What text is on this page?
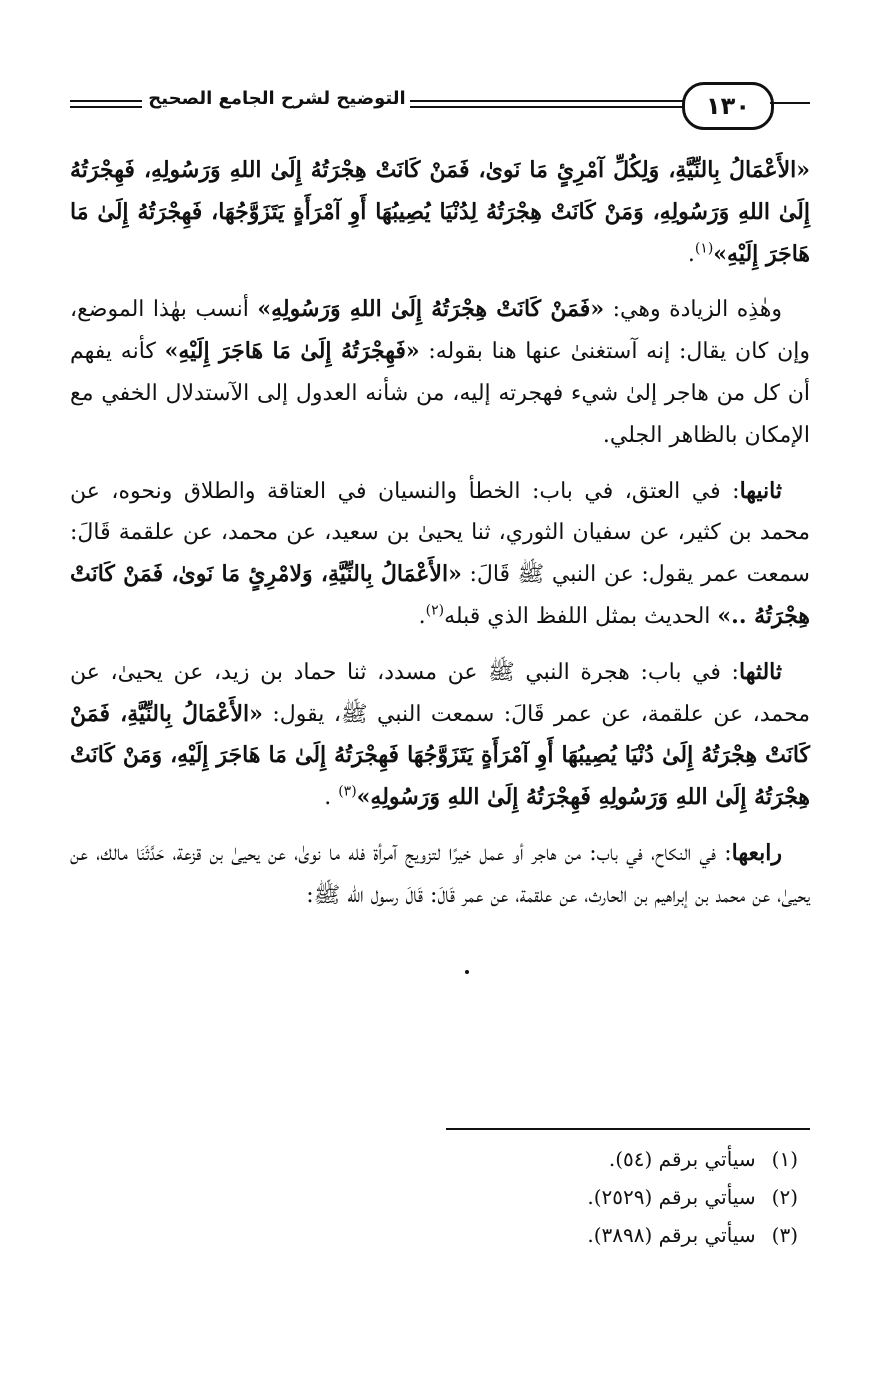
التوضيح لشرح الجامع الصحيح	١٣٠

«الأَعْمَالُ بِالنِّيَّةِ، وَلِكُلِّ آمْرِئٍ مَا نَوىٰ، فَمَنْ كَانَتْ هِجْرَتُهُ إِلَىٰ اللهِ وَرَسُولِهِ، فَهِجْرَتُهُ إِلَىٰ اللهِ وَرَسُولِهِ، وَمَنْ كَانَتْ هِجْرَتُهُ لِدُنْيَا يُصِيبُهَا أَوِ آمْرَأَةٍ يَتَزَوَّجُهَا، فَهِجْرَتُهُ إِلَىٰ مَا هَاجَرَ إِلَيْهِ»$^{(١)}$.

وهٰذِه الزيادة وهي: «فَمَنْ كَانَتْ هِجْرَتُهُ إِلَىٰ اللهِ وَرَسُولِهِ» أنسب بهٰذا الموضع، وإن كان يقال: إنه آستغنىٰ عنها هنا بقوله: «فَهِجْرَتُهُ إِلَىٰ مَا هَاجَرَ إِلَيْهِ» كأنه يفهم أن كل من هاجر إلىٰ شيء فهجرته إليه، من شأنه العدول إلى الآستدلال الخفي مع الإمكان بالظاهر الجلي.

ثانيها: في العتق، في باب: الخطأ والنسيان في العتاقة والطلاق ونحوه، عن محمد بن كثير، عن سفيان الثوري، ثنا يحيىٰ بن سعيد، عن محمد، عن علقمة قَالَ: سمعت عمر يقول: عن النبي ﷺ قَالَ: «الأَعْمَالُ بِالنِّيَّةِ، وَلامْرِئٍ مَا نَوىٰ، فَمَنْ كَانَتْ هِجْرَتُهُ ..» الحديث بمثل اللفظ الذي قبله$^{(٢)}$.

ثالثها: في باب: هجرة النبي ﷺ عن مسدد، ثنا حماد بن زيد، عن يحيىٰ، عن محمد، عن علقمة، عن عمر قَالَ: سمعت النبي ﷺ، يقول: «الأَعْمَالُ بِالنِّيَّةِ، فَمَنْ كَانَتْ هِجْرَتُهُ إِلَىٰ دُنْيَا يُصِيبُهَا أَوِ آمْرَأَةٍ يَتَزَوَّجُهَا فَهِجْرَتُهُ إِلَىٰ مَا هَاجَرَ إِلَيْهِ، وَمَنْ كَانَتْ هِجْرَتُهُ إِلَىٰ اللهِ وَرَسُولِهِ فَهِجْرَتُهُ إِلَىٰ اللهِ وَرَسُولِهِ»$^{(٣)}$ .

رابعها: في النكاح، في باب: من هاجر أو عمل خيرًا لتزويج آمرأة فله ما نوىٰ، عن يحيىٰ بن قزعة، حَدَّثَنَا مالك، عن يحيىٰ، عن محمد بن إبراهيم بن الحارث، عن علقمة، عن عمر قَالَ: قَالَ رسول الله ﷺ:

(١) سيأتي برقم (٥٤).

(٢) سيأتي برقم (٢٥٢٩).

(٣) سيأتي برقم (٣٨٩٨).
